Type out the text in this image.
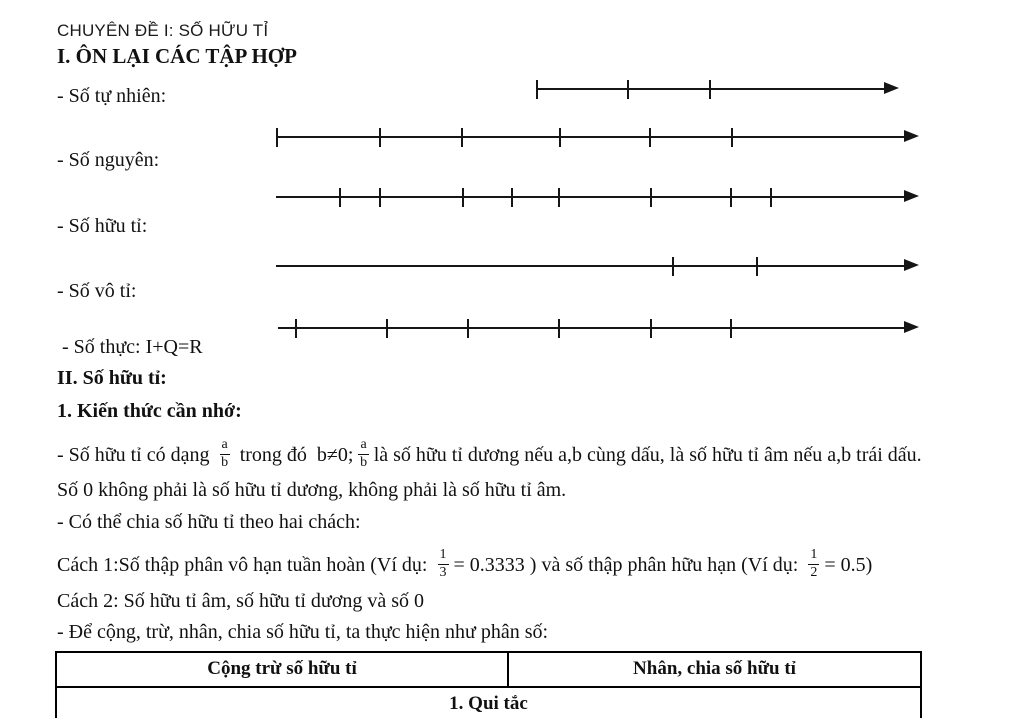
CHUYÊN ĐỀ I: SỐ HỮU TỈ
I. ÔN LẠI CÁC TẬP HỢP
- Số tự nhiên:
- Số nguyên:
- Số hữu tỉ:
- Số vô tỉ:
- Số thực: I+Q=R
II. Số hữu tỉ:
1. Kiến thức cần nhớ:
- Số hữu tỉ có dạng $\frac{a}{b}$ trong đó  b≠0; $\frac{a}{b}$ là số hữu tỉ dương nếu a,b cùng dấu, là số hữu tỉ âm nếu a,b trái dấu.
Số 0 không phải là số hữu tỉ dương, không phải là số hữu tỉ âm.
- Có thể chia số hữu tỉ theo hai chách:
Cách 1:Số thập phân vô hạn tuần hoàn (Ví dụ: $\frac{1}{3} = 0.3333$ ) và số thập phân hữu hạn (Ví dụ: $\frac{1}{2} = 0.5$)
Cách 2: Số hữu tỉ âm, số hữu tỉ dương và số 0
- Để cộng, trừ, nhân, chia số hữu tỉ, ta thực hiện như phân số:
Cộng trừ số hữu tỉ	Nhân, chia số hữu tỉ
1. Qui tắc
